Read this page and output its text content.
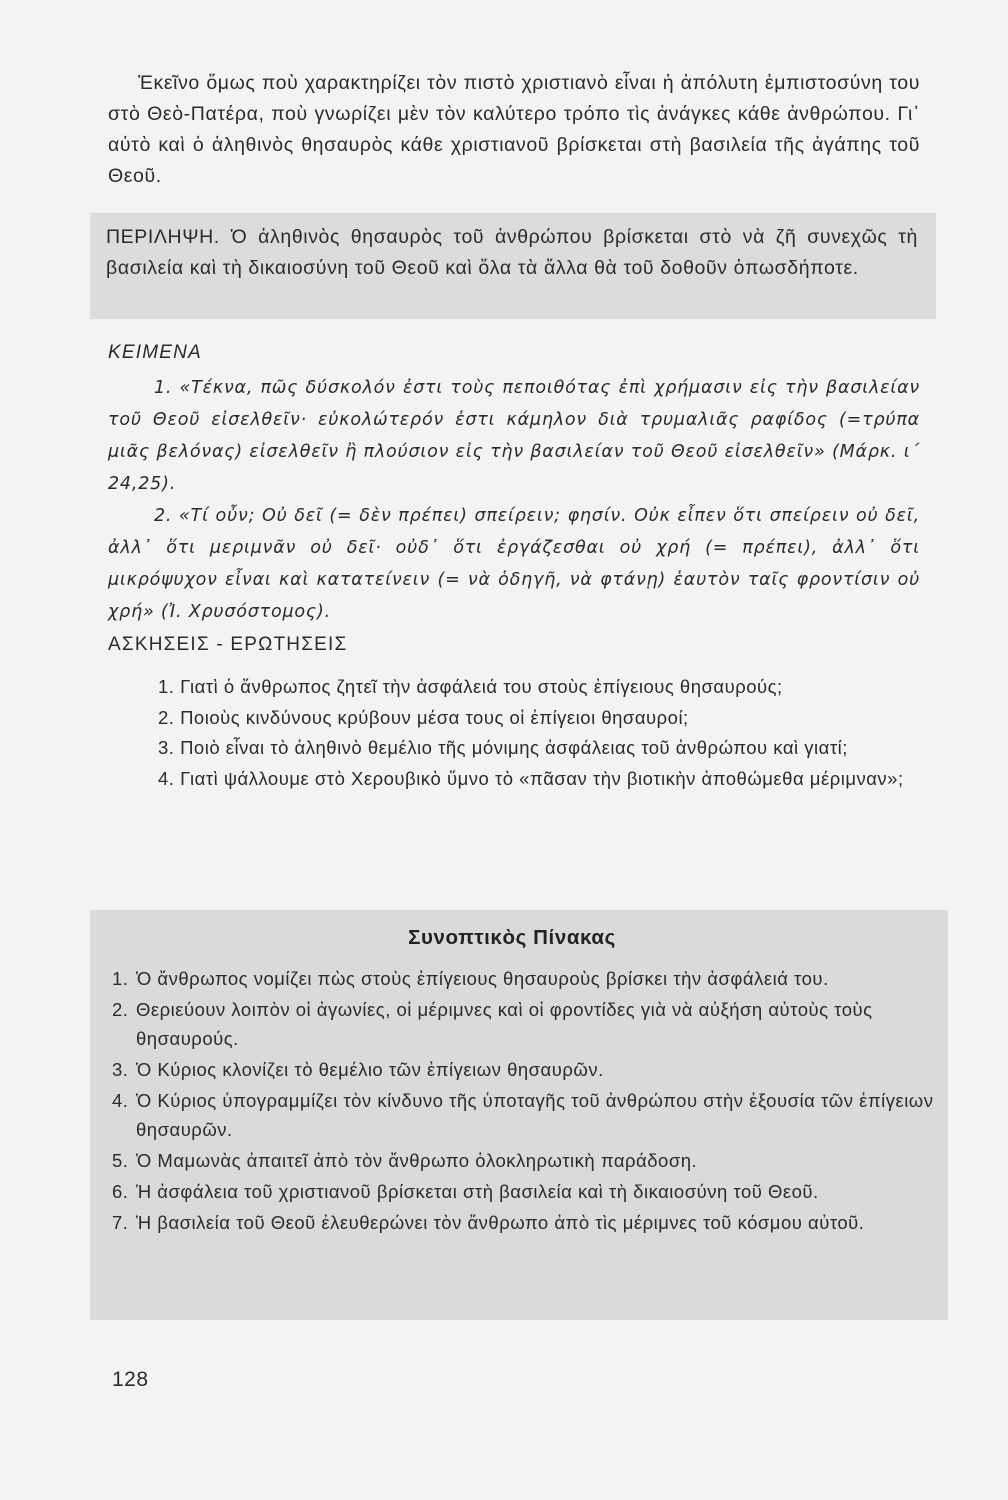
Ἐκεῖνο ὅμως ποὺ χαρακτηρίζει τὸν πιστὸ χριστιανὸ εἶναι ἡ ἀπόλυτη ἐμπιστοσύνη του στὸ Θεὸ-Πατέρα, ποὺ γνωρίζει μὲν τὸν καλύτερο τρόπο τὶς ἀνάγκες κάθε ἀνθρώπου. Γι᾽ αὐτὸ καὶ ὁ ἀληθινὸς θησαυρὸς κάθε χριστιανοῦ βρίσκεται στὴ βασιλεία τῆς ἀγάπης τοῦ Θεοῦ.

ΠΕΡΙΛΗΨΗ. Ὁ ἀληθινὸς θησαυρὸς τοῦ ἀνθρώπου βρίσκεται στὸ νὰ ζῆ συνεχῶς τὴ βασιλεία καὶ τὴ δικαιοσύνη τοῦ Θεοῦ καὶ ὅλα τὰ ἄλλα θὰ τοῦ δοθοῦν ὁπωσδήποτε.

ΚΕΙΜΕΝΑ

1. «Τέκνα, πῶς δύσκολόν ἐστι τοὺς πεποιθότας ἐπὶ χρήμασιν εἰς τὴν βασιλείαν τοῦ Θεοῦ εἰσελθεῖν· εὐκολώτερόν ἐστι κάμηλον διὰ τρυμαλιᾶς ραφίδος (=τρύπα μιᾶς βελόνας) εἰσελθεῖν ἢ πλούσιον εἰς τὴν βασιλείαν τοῦ Θεοῦ εἰσελθεῖν» (Μάρκ. ι΄ 24,25).

2. «Τί οὖν; Οὐ δεῖ (= δὲν πρέπει) σπείρειν; φησίν. Οὐκ εἶπεν ὅτι σπείρειν οὐ δεῖ, ἀλλ᾽ ὅτι μεριμνᾶν οὐ δεῖ· οὐδ᾽ ὅτι ἐργάζεσθαι οὐ χρή (= πρέπει), ἀλλ᾽ ὅτι μικρόψυχον εἶναι καὶ κατατείνειν (= νὰ ὁδηγῆ, νὰ φτάνῃ) ἑαυτὸν ταῖς φροντίσιν οὐ χρή» (Ἰ. Χρυσόστομος).

ΑΣΚΗΣΕΙΣ - ΕΡΩΤΗΣΕΙΣ

1. Γιατὶ ὁ ἄνθρωπος ζητεῖ τὴν ἀσφάλειά του στοὺς ἐπίγειους θησαυρούς;

2. Ποιοὺς κινδύνους κρύβουν μέσα τους οἱ ἐπίγειοι θησαυροί;

3. Ποιὸ εἶναι τὸ ἀληθινὸ θεμέλιο τῆς μόνιμης ἀσφάλειας τοῦ ἀνθρώπου καὶ γιατί;

4. Γιατὶ ψάλλουμε στὸ Χερουβικὸ ὕμνο τὸ «πᾶσαν τὴν βιοτικὴν ἀποθώμεθα μέριμναν»;

Συνοπτικὸς Πίνακας
1. Ὁ ἄνθρωπος νομίζει πὼς στοὺς ἐπίγειους θησαυροὺς βρίσκει τὴν ἀσφάλειά του.
2. Θεριεύουν λοιπὸν οἱ ἀγωνίες, οἱ μέριμνες καὶ οἱ φροντίδες γιὰ νὰ αὐξήση αὐτοὺς τοὺς θησαυρούς.
3. Ὁ Κύριος κλονίζει τὸ θεμέλιο τῶν ἐπίγειων θησαυρῶν.
4. Ὁ Κύριος ὑπογραμμίζει τὸν κίνδυνο τῆς ὑποταγῆς τοῦ ἀνθρώπου στὴν ἐξουσία τῶν ἐπίγειων θησαυρῶν.
5. Ὁ Μαμωνὰς ἀπαιτεῖ ἀπὸ τὸν ἄνθρωπο ὁλοκληρωτικὴ παράδοση.
6. Ἡ ἀσφάλεια τοῦ χριστιανοῦ βρίσκεται στὴ βασιλεία καὶ τὴ δικαιοσύνη τοῦ Θεοῦ.
7. Ἡ βασιλεία τοῦ Θεοῦ ἐλευθερώνει τὸν ἄνθρωπο ἀπὸ τὶς μέριμνες τοῦ κόσμου αὐτοῦ.
128
